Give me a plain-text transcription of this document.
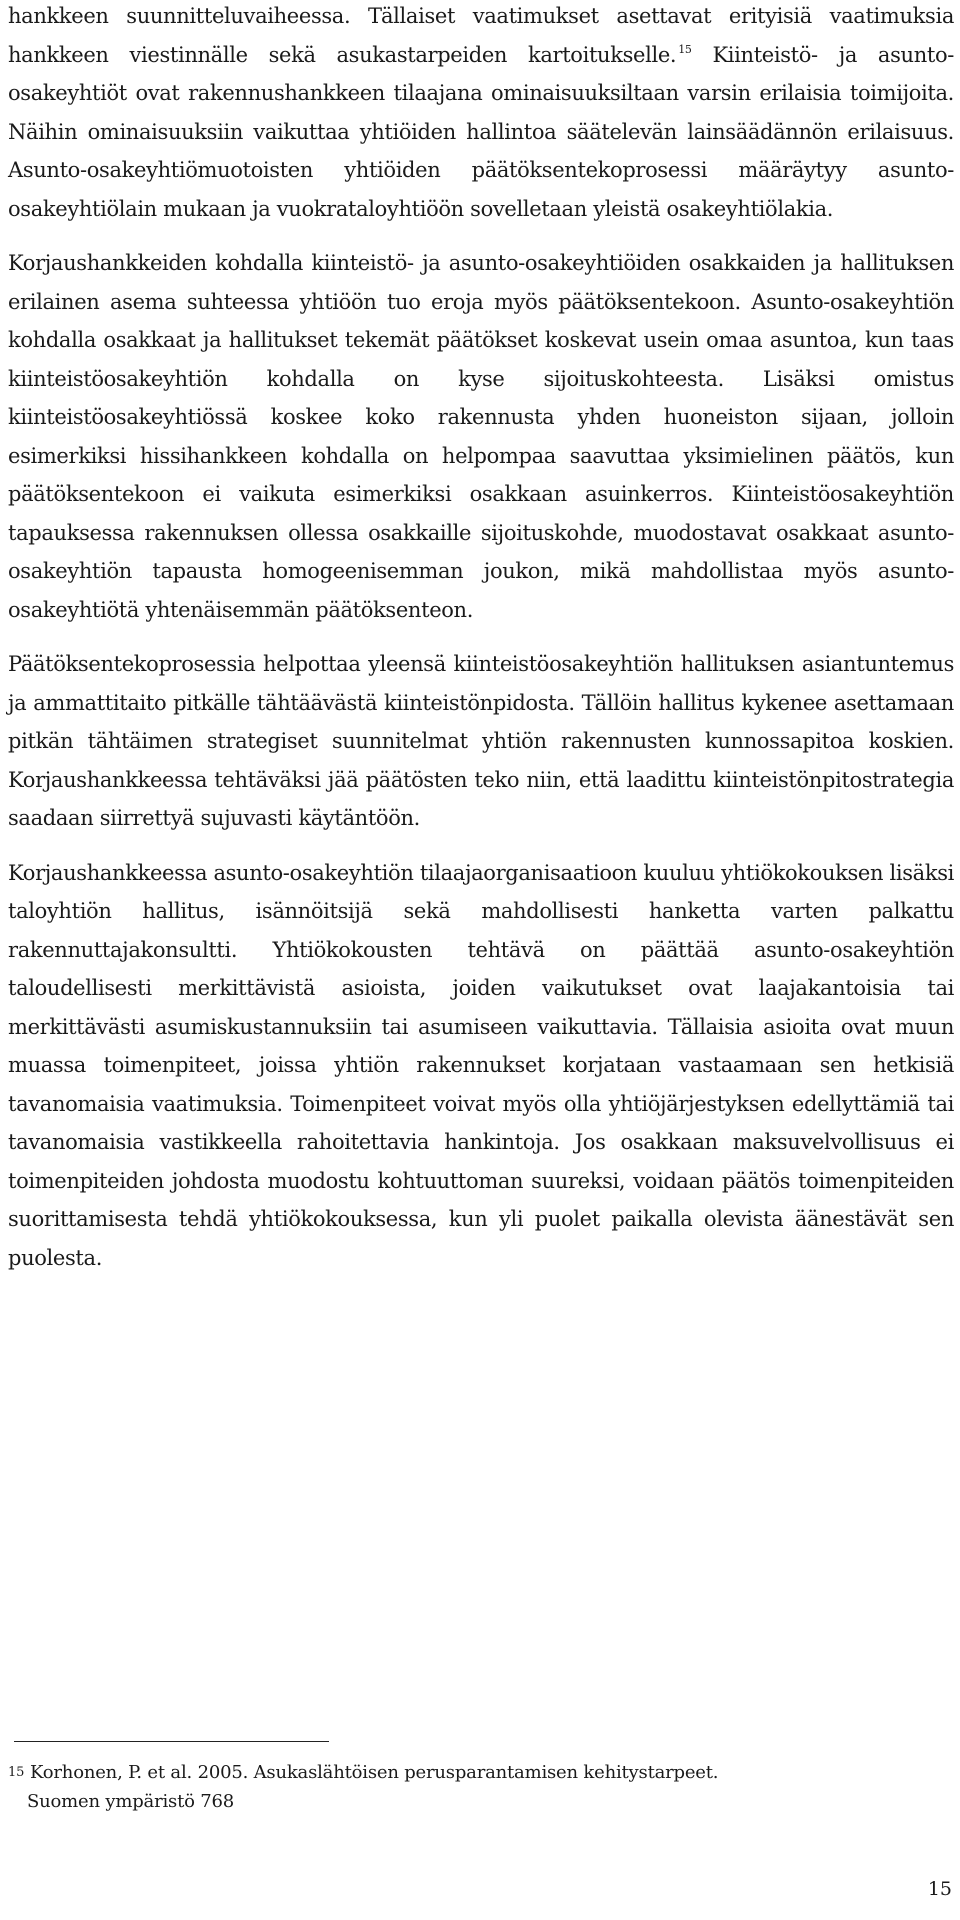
hankkeen suunnitteluvaiheessa. Tällaiset vaatimukset asettavat erityisiä vaatimuksia hankkeen viestinnälle sekä asukastarpeiden kartoitukselle. $^{15}$ Kiinteistö- ja asunto-osakeyhtiöt ovat rakennushankkeen tilaajana ominaisuuksiltaan varsin erilaisia toimijoita. Näihin ominaisuuksiin vaikuttaa yhtiöiden hallintoa säätelevän lainsäädännön erilaisuus. Asunto-osakeyhtiömuotoisten yhtiöiden päätöksentekoprosessi määräytyy asunto-osakeyhtiölain mukaan ja vuokrataloyhtiöön sovelletaan yleistä osakeyhtiölakia.

Korjaushankkeiden kohdalla kiinteistö- ja asunto-osakeyhtiöiden osakkaiden ja hallituksen erilainen asema suhteessa yhtiöön tuo eroja myös päätöksentekoon. Asunto-osakeyhtiön kohdalla osakkaat ja hallitukset tekemät päätökset koskevat usein omaa asuntoa, kun taas kiinteistöosakeyhtiön kohdalla on kyse sijoituskohteesta. Lisäksi omistus kiinteistöosakeyhtiössä koskee koko rakennusta yhden huoneiston sijaan, jolloin esimerkiksi hissihankkeen kohdalla on helpompaa saavuttaa yksimielinen päätös, kun päätöksentekoon ei vaikuta esimerkiksi osakkaan asuinkerros. Kiinteistöosakeyhtiön tapauksessa rakennuksen ollessa osakkaille sijoituskohde, muodostavat osakkaat asunto-osakeyhtiön tapausta homogeenisemman joukon, mikä mahdollistaa myös asunto-osakeyhtiötä yhtenäisemmän päätöksenteon.

Päätöksentekoprosessia helpottaa yleensä kiinteistöosakeyhtiön hallituksen asiantuntemus ja ammattitaito pitkälle tähtäävästä kiinteistönpidosta. Tällöin hallitus kykenee asettamaan pitkän tähtäimen strategiset suunnitelmat yhtiön rakennusten kunnossapitoa koskien. Korjaushankkeessa tehtäväksi jää päätösten teko niin, että laadittu kiinteistönpitostrategia saadaan siirrettyä sujuvasti käytäntöön.

Korjaushankkeessa asunto-osakeyhtiön tilaajaorganisaatioon kuuluu yhtiökokouksen lisäksi taloyhtiön hallitus, isännöitsijä sekä mahdollisesti hanketta varten palkattu rakennuttajakonsultti. Yhtiökokousten tehtävä on päättää asunto-osakeyhtiön taloudellisesti merkittävistä asioista, joiden vaikutukset ovat laajakantoisia tai merkittävästi asumiskustannuksiin tai asumiseen vaikuttavia. Tällaisia asioita ovat muun muassa toimenpiteet, joissa yhtiön rakennukset korjataan vastaamaan sen hetkisiä tavanomaisia vaatimuksia. Toimenpiteet voivat myös olla yhtiöjärjestyksen edellyttämiä tai tavanomaisia vastikkeella rahoitettavia hankintoja. Jos osakkaan maksuvelvollisuus ei toimenpiteiden johdosta muodostu kohtuuttoman suureksi, voidaan päätös toimenpiteiden suorittamisesta tehdä yhtiökokouksessa, kun yli puolet paikalla olevista äänestävät sen puolesta.

15 Korhonen, P. et al. 2005. Asukaslähtöisen perusparantamisen kehitystarpeet.
Suomen ympäristö 768
15
